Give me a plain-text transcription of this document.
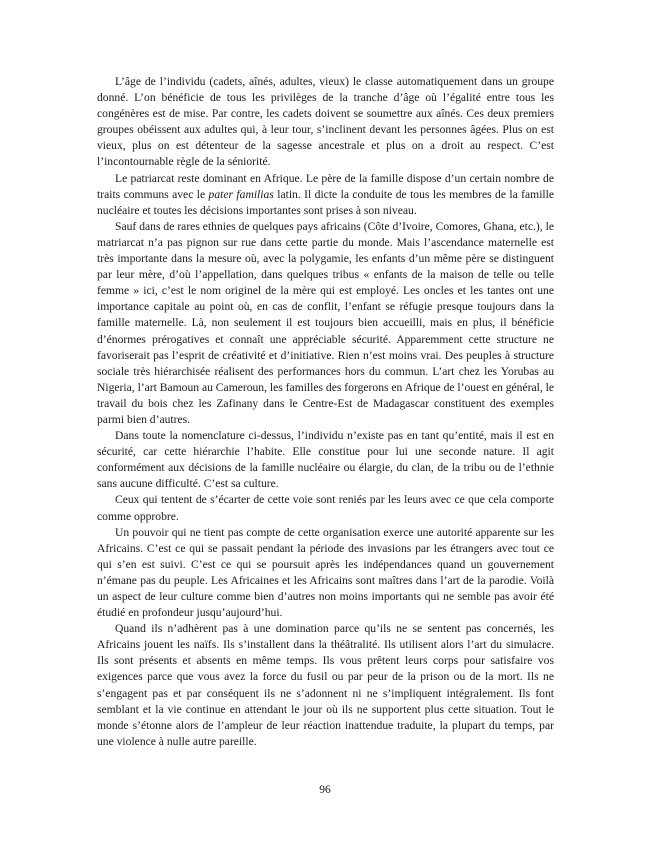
L’âge de l’individu (cadets, aînés, adultes, vieux) le classe automatiquement dans un groupe donné. L’on bénéficie de tous les privilèges de la tranche d’âge où l’égalité entre tous les congénères est de mise. Par contre, les cadets doivent se soumettre aux aînés. Ces deux premiers groupes obéissent aux adultes qui, à leur tour, s’inclinent devant les personnes âgées. Plus on est vieux, plus on est détenteur de la sagesse ancestrale et plus on a droit au respect. C’est l’incontournable règle de la séniorité.

Le patriarcat reste dominant en Afrique. Le père de la famille dispose d’un certain nombre de traits communs avec le pater familias latin. Il dicte la conduite de tous les membres de la famille nucléaire et toutes les décisions importantes sont prises à son niveau.

Sauf dans de rares ethnies de quelques pays africains (Côte d’Ivoire, Comores, Ghana, etc.), le matriarcat n’a pas pignon sur rue dans cette partie du monde. Mais l’ascendance maternelle est très importante dans la mesure où, avec la polygamie, les enfants d’un même père se distinguent par leur mère, d’où l’appellation, dans quelques tribus « enfants de la maison de telle ou telle femme » ici, c’est le nom originel de la mère qui est employé. Les oncles et les tantes ont une importance capitale au point où, en cas de conflit, l’enfant se réfugie presque toujours dans la famille maternelle. Là, non seulement il est toujours bien accueilli, mais en plus, il bénéficie d’énormes prérogatives et connaît une appréciable sécurité. Apparemment cette structure ne favoriserait pas l’esprit de créativité et d’initiative. Rien n’est moins vrai. Des peuples à structure sociale très hiérarchisée réalisent des performances hors du commun. L’art chez les Yorubas au Nigeria, l’art Bamoun au Cameroun, les familles des forgerons en Afrique de l’ouest en général, le travail du bois chez les Zafinany dans le Centre-Est de Madagascar constituent des exemples parmi bien d’autres.

Dans toute la nomenclature ci-dessus, l’individu n’existe pas en tant qu’entité, mais il est en sécurité, car cette hiérarchie l’habite. Elle constitue pour lui une seconde nature. Il agit conformément aux décisions de la famille nucléaire ou élargie, du clan, de la tribu ou de l’ethnie sans aucune difficulté. C’est sa culture.

Ceux qui tentent de s’écarter de cette voie sont reniés par les leurs avec ce que cela comporte comme opprobre.

Un pouvoir qui ne tient pas compte de cette organisation exerce une autorité apparente sur les Africains. C’est ce qui se passait pendant la période des invasions par les étrangers avec tout ce qui s’en est suivi. C’est ce qui se poursuit après les indépendances quand un gouvernement n’émane pas du peuple. Les Africaines et les Africains sont maîtres dans l’art de la parodie. Voilà un aspect de leur culture comme bien d’autres non moins importants qui ne semble pas avoir été étudié en profondeur jusqu’aujourd’hui.

Quand ils n’adhèrent pas à une domination parce qu’ils ne se sentent pas concernés, les Africains jouent les naïfs. Ils s’installent dans la théâtralité. Ils utilisent alors l’art du simulacre. Ils sont présents et absents en même temps. Ils vous prêtent leurs corps pour satisfaire vos exigences parce que vous avez la force du fusil ou par peur de la prison ou de la mort. Ils ne s’engagent pas et par conséquent ils ne s’adonnent ni ne s’impliquent intégralement. Ils font semblant et la vie continue en attendant le jour où ils ne supportent plus cette situation. Tout le monde s’étonne alors de l’ampleur de leur réaction inattendue traduite, la plupart du temps, par une violence à nulle autre pareille.

96
